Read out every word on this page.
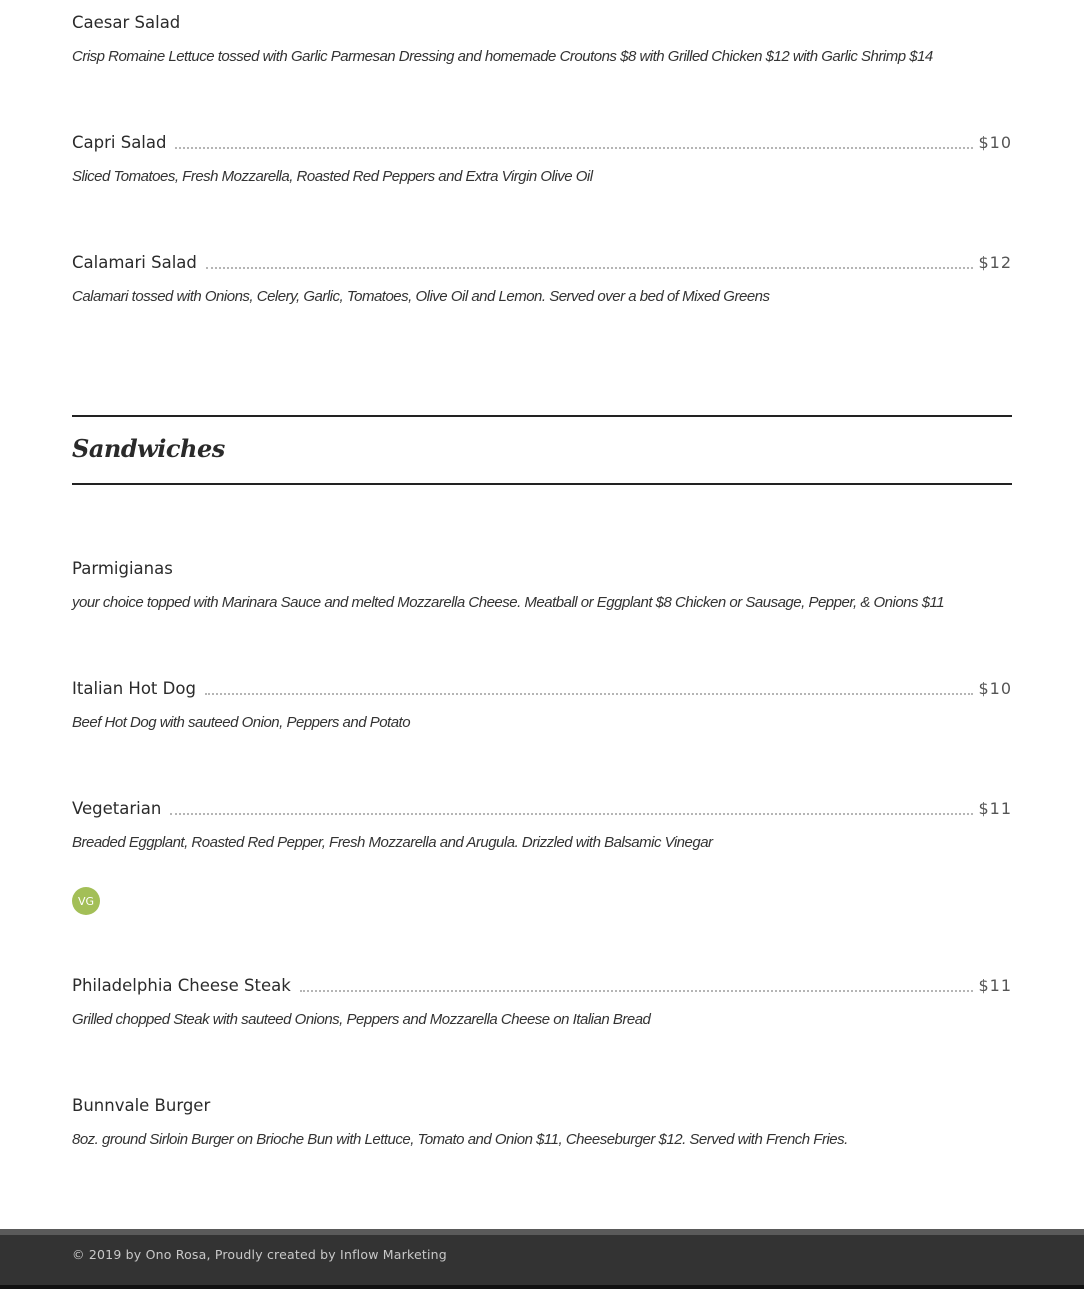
Caesar Salad
Crisp Romaine Lettuce tossed with Garlic Parmesan Dressing and homemade Croutons $8 with Grilled Chicken $12 with Garlic Shrimp $14
Capri Salad	$10
Sliced Tomatoes, Fresh Mozzarella, Roasted Red Peppers and Extra Virgin Olive Oil
Calamari Salad	$12
Calamari tossed with Onions, Celery, Garlic, Tomatoes, Olive Oil and Lemon. Served over a bed of Mixed Greens
Parmigianas
your choice topped with Marinara Sauce and melted Mozzarella Cheese. Meatball or Eggplant $8 Chicken or Sausage, Pepper, & Onions $11
Italian Hot Dog	$10
Beef Hot Dog with sauteed Onion, Peppers and Potato
Vegetarian	$11
Breaded Eggplant, Roasted Red Pepper, Fresh Mozzarella and Arugula. Drizzled with Balsamic Vinegar
VG
Philadelphia Cheese Steak	$11
Grilled chopped Steak with sauteed Onions, Peppers and Mozzarella Cheese on Italian Bread
Bunnvale Burger
8oz. ground Sirloin Burger on Brioche Bun with Lettuce, Tomato and Onion $11, Cheeseburger $12. Served with French Fries.
Sandwiches
© 2019 by Ono Rosa, Proudly created by Inflow Marketing
